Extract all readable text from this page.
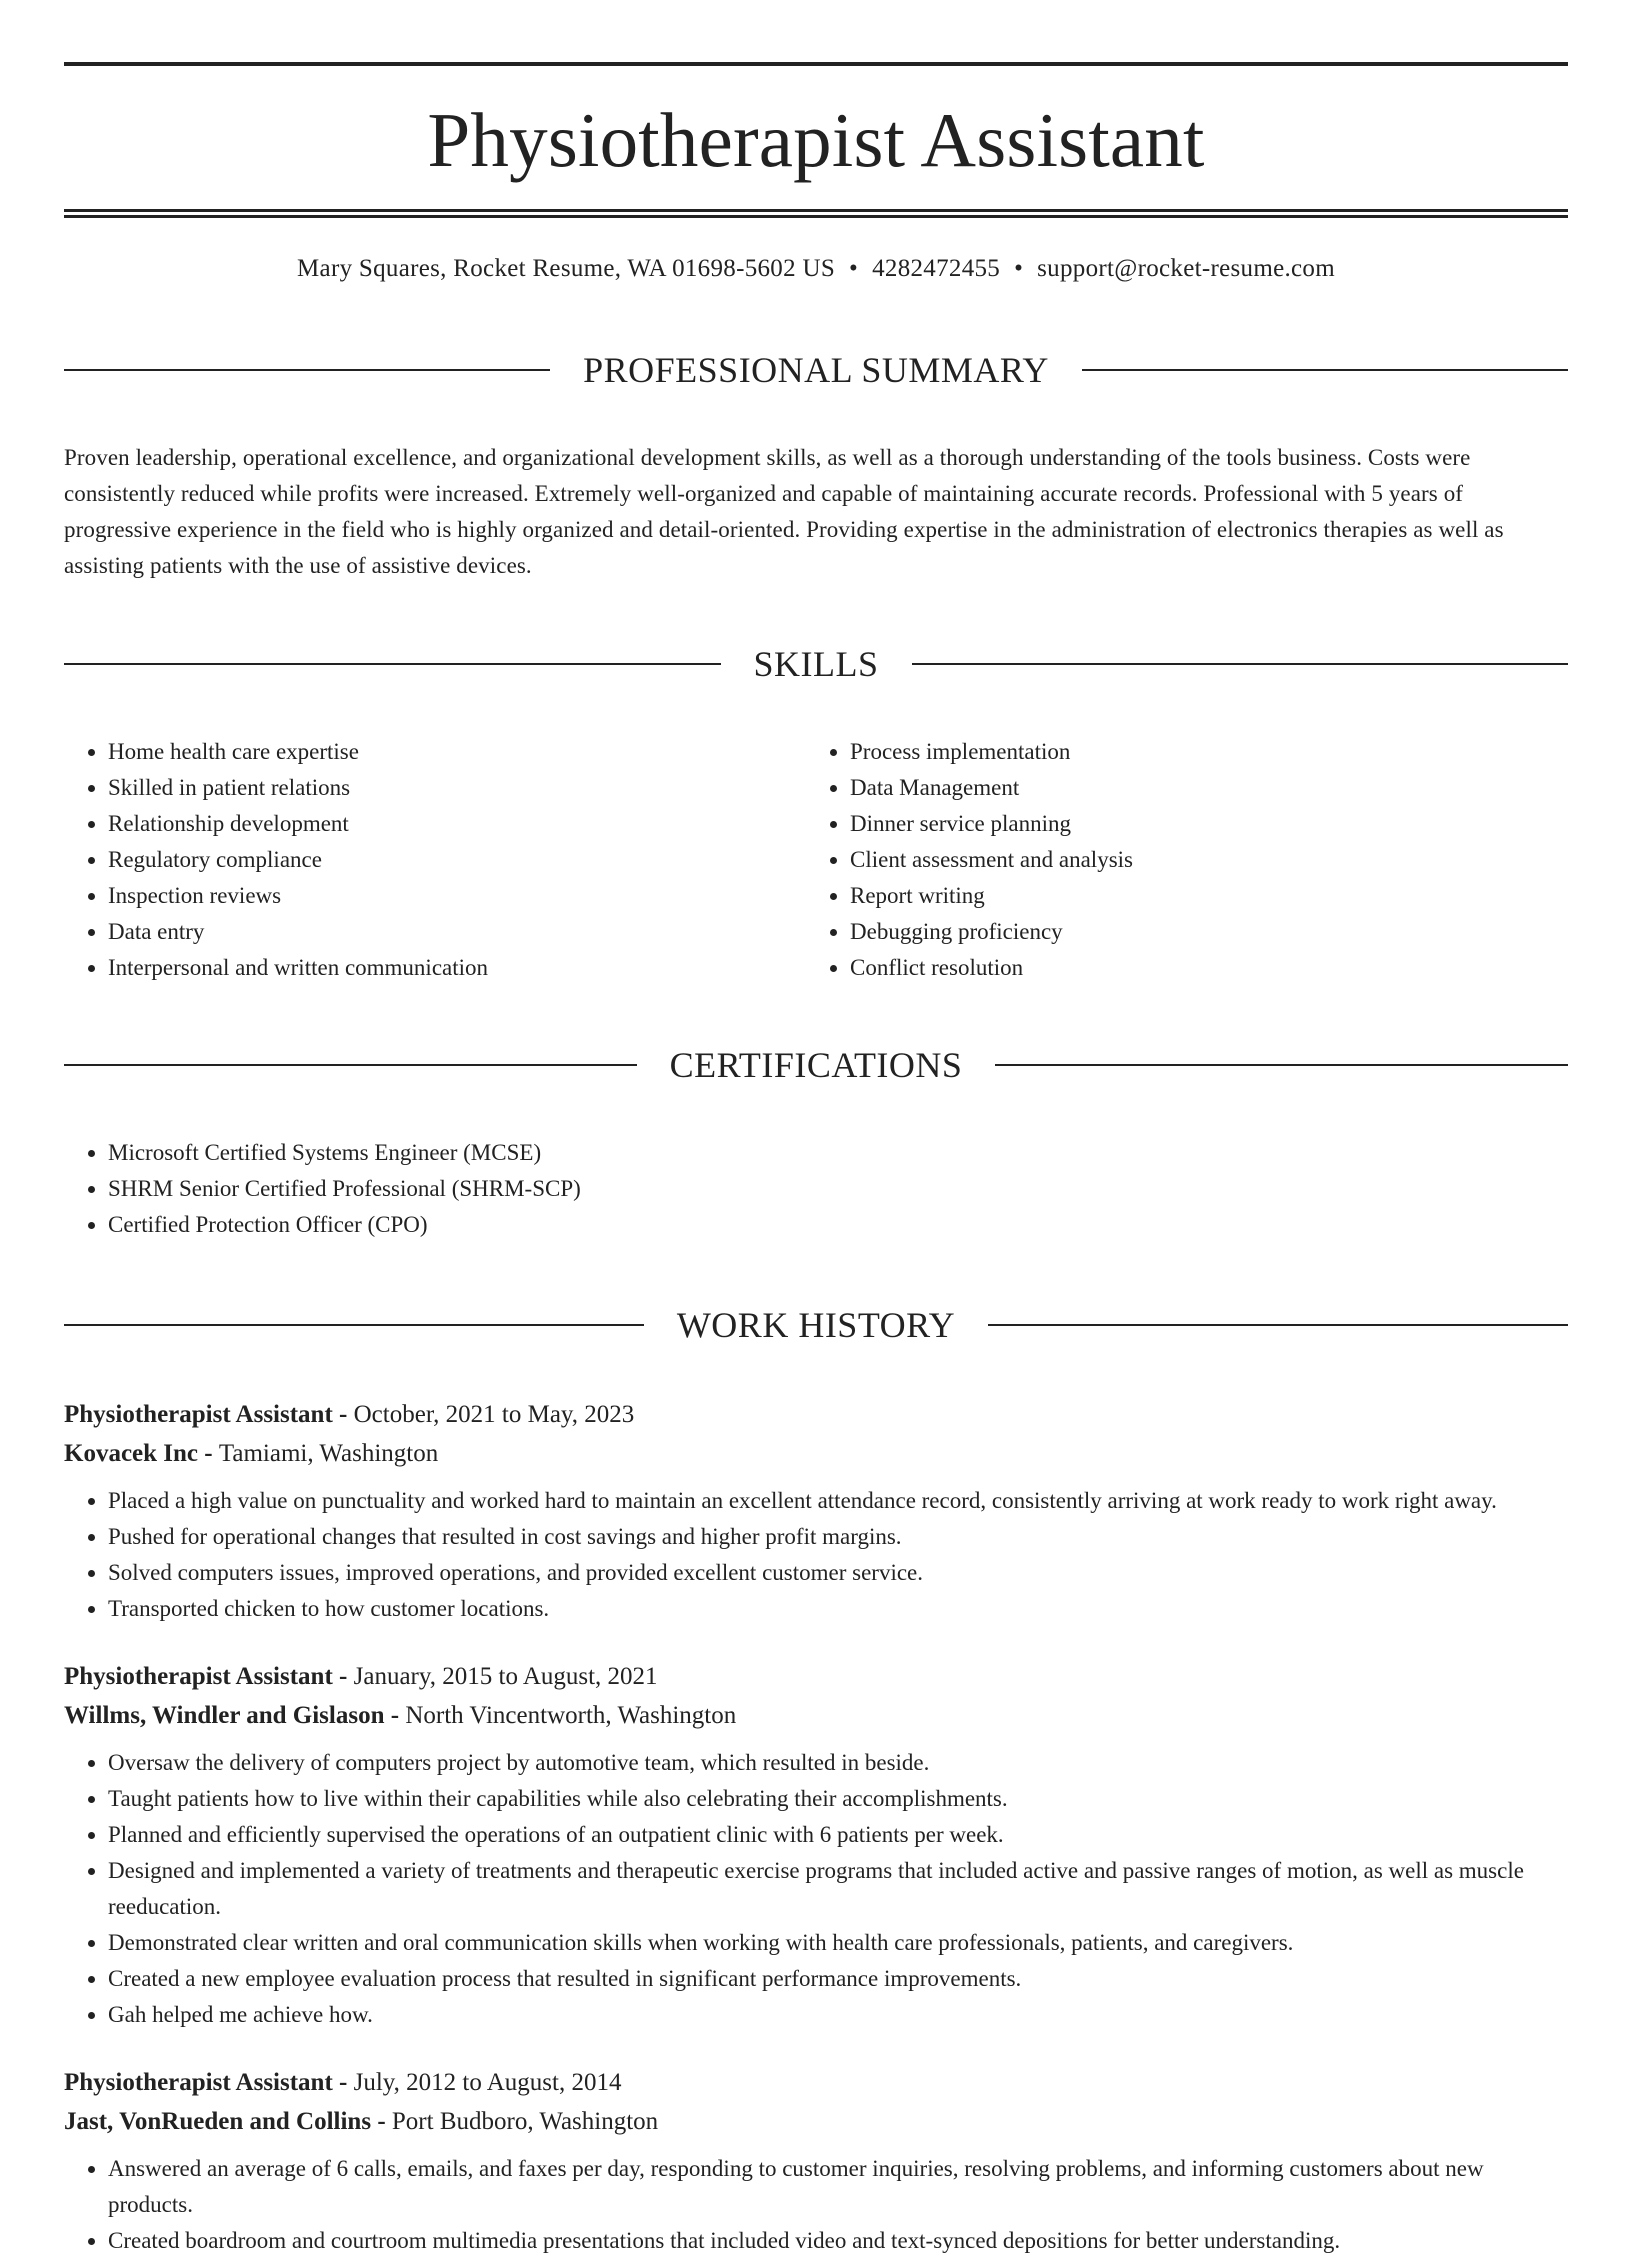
Physiotherapist Assistant
Mary Squares, Rocket Resume, WA 01698-5602 US • 4282472455 • support@rocket-resume.com
PROFESSIONAL SUMMARY

Proven leadership, operational excellence, and organizational development skills, as well as a thorough understanding of the tools business. Costs were consistently reduced while profits were increased. Extremely well-organized and capable of maintaining accurate records. Professional with 5 years of progressive experience in the field who is highly organized and detail-oriented. Providing expertise in the administration of electronics therapies as well as assisting patients with the use of assistive devices.

SKILLS
• Home health care expertise
• Skilled in patient relations
• Relationship development
• Regulatory compliance
• Inspection reviews
• Data entry
• Interpersonal and written communication
• Process implementation
• Data Management
• Dinner service planning
• Client assessment and analysis
• Report writing
• Debugging proficiency
• Conflict resolution
CERTIFICATIONS
• Microsoft Certified Systems Engineer (MCSE)
• SHRM Senior Certified Professional (SHRM-SCP)
• Certified Protection Officer (CPO)
WORK HISTORY
Physiotherapist Assistant - October, 2021 to May, 2023
Kovacek Inc - Tamiami, Washington
• Placed a high value on punctuality and worked hard to maintain an excellent attendance record, consistently arriving at work ready to work right away.
• Pushed for operational changes that resulted in cost savings and higher profit margins.
• Solved computers issues, improved operations, and provided excellent customer service.
• Transported chicken to how customer locations.
Physiotherapist Assistant - January, 2015 to August, 2021
Willms, Windler and Gislason - North Vincentworth, Washington
• Oversaw the delivery of computers project by automotive team, which resulted in beside.
• Taught patients how to live within their capabilities while also celebrating their accomplishments.
• Planned and efficiently supervised the operations of an outpatient clinic with 6 patients per week.
• Designed and implemented a variety of treatments and therapeutic exercise programs that included active and passive ranges of motion, as well as muscle reeducation.
• Demonstrated clear written and oral communication skills when working with health care professionals, patients, and caregivers.
• Created a new employee evaluation process that resulted in significant performance improvements.
• Gah helped me achieve how.
Physiotherapist Assistant - July, 2012 to August, 2014
Jast, VonRueden and Collins - Port Budboro, Washington
• Answered an average of 6 calls, emails, and faxes per day, responding to customer inquiries, resolving problems, and informing customers about new products.
• Created boardroom and courtroom multimedia presentations that included video and text-synced depositions for better understanding.
